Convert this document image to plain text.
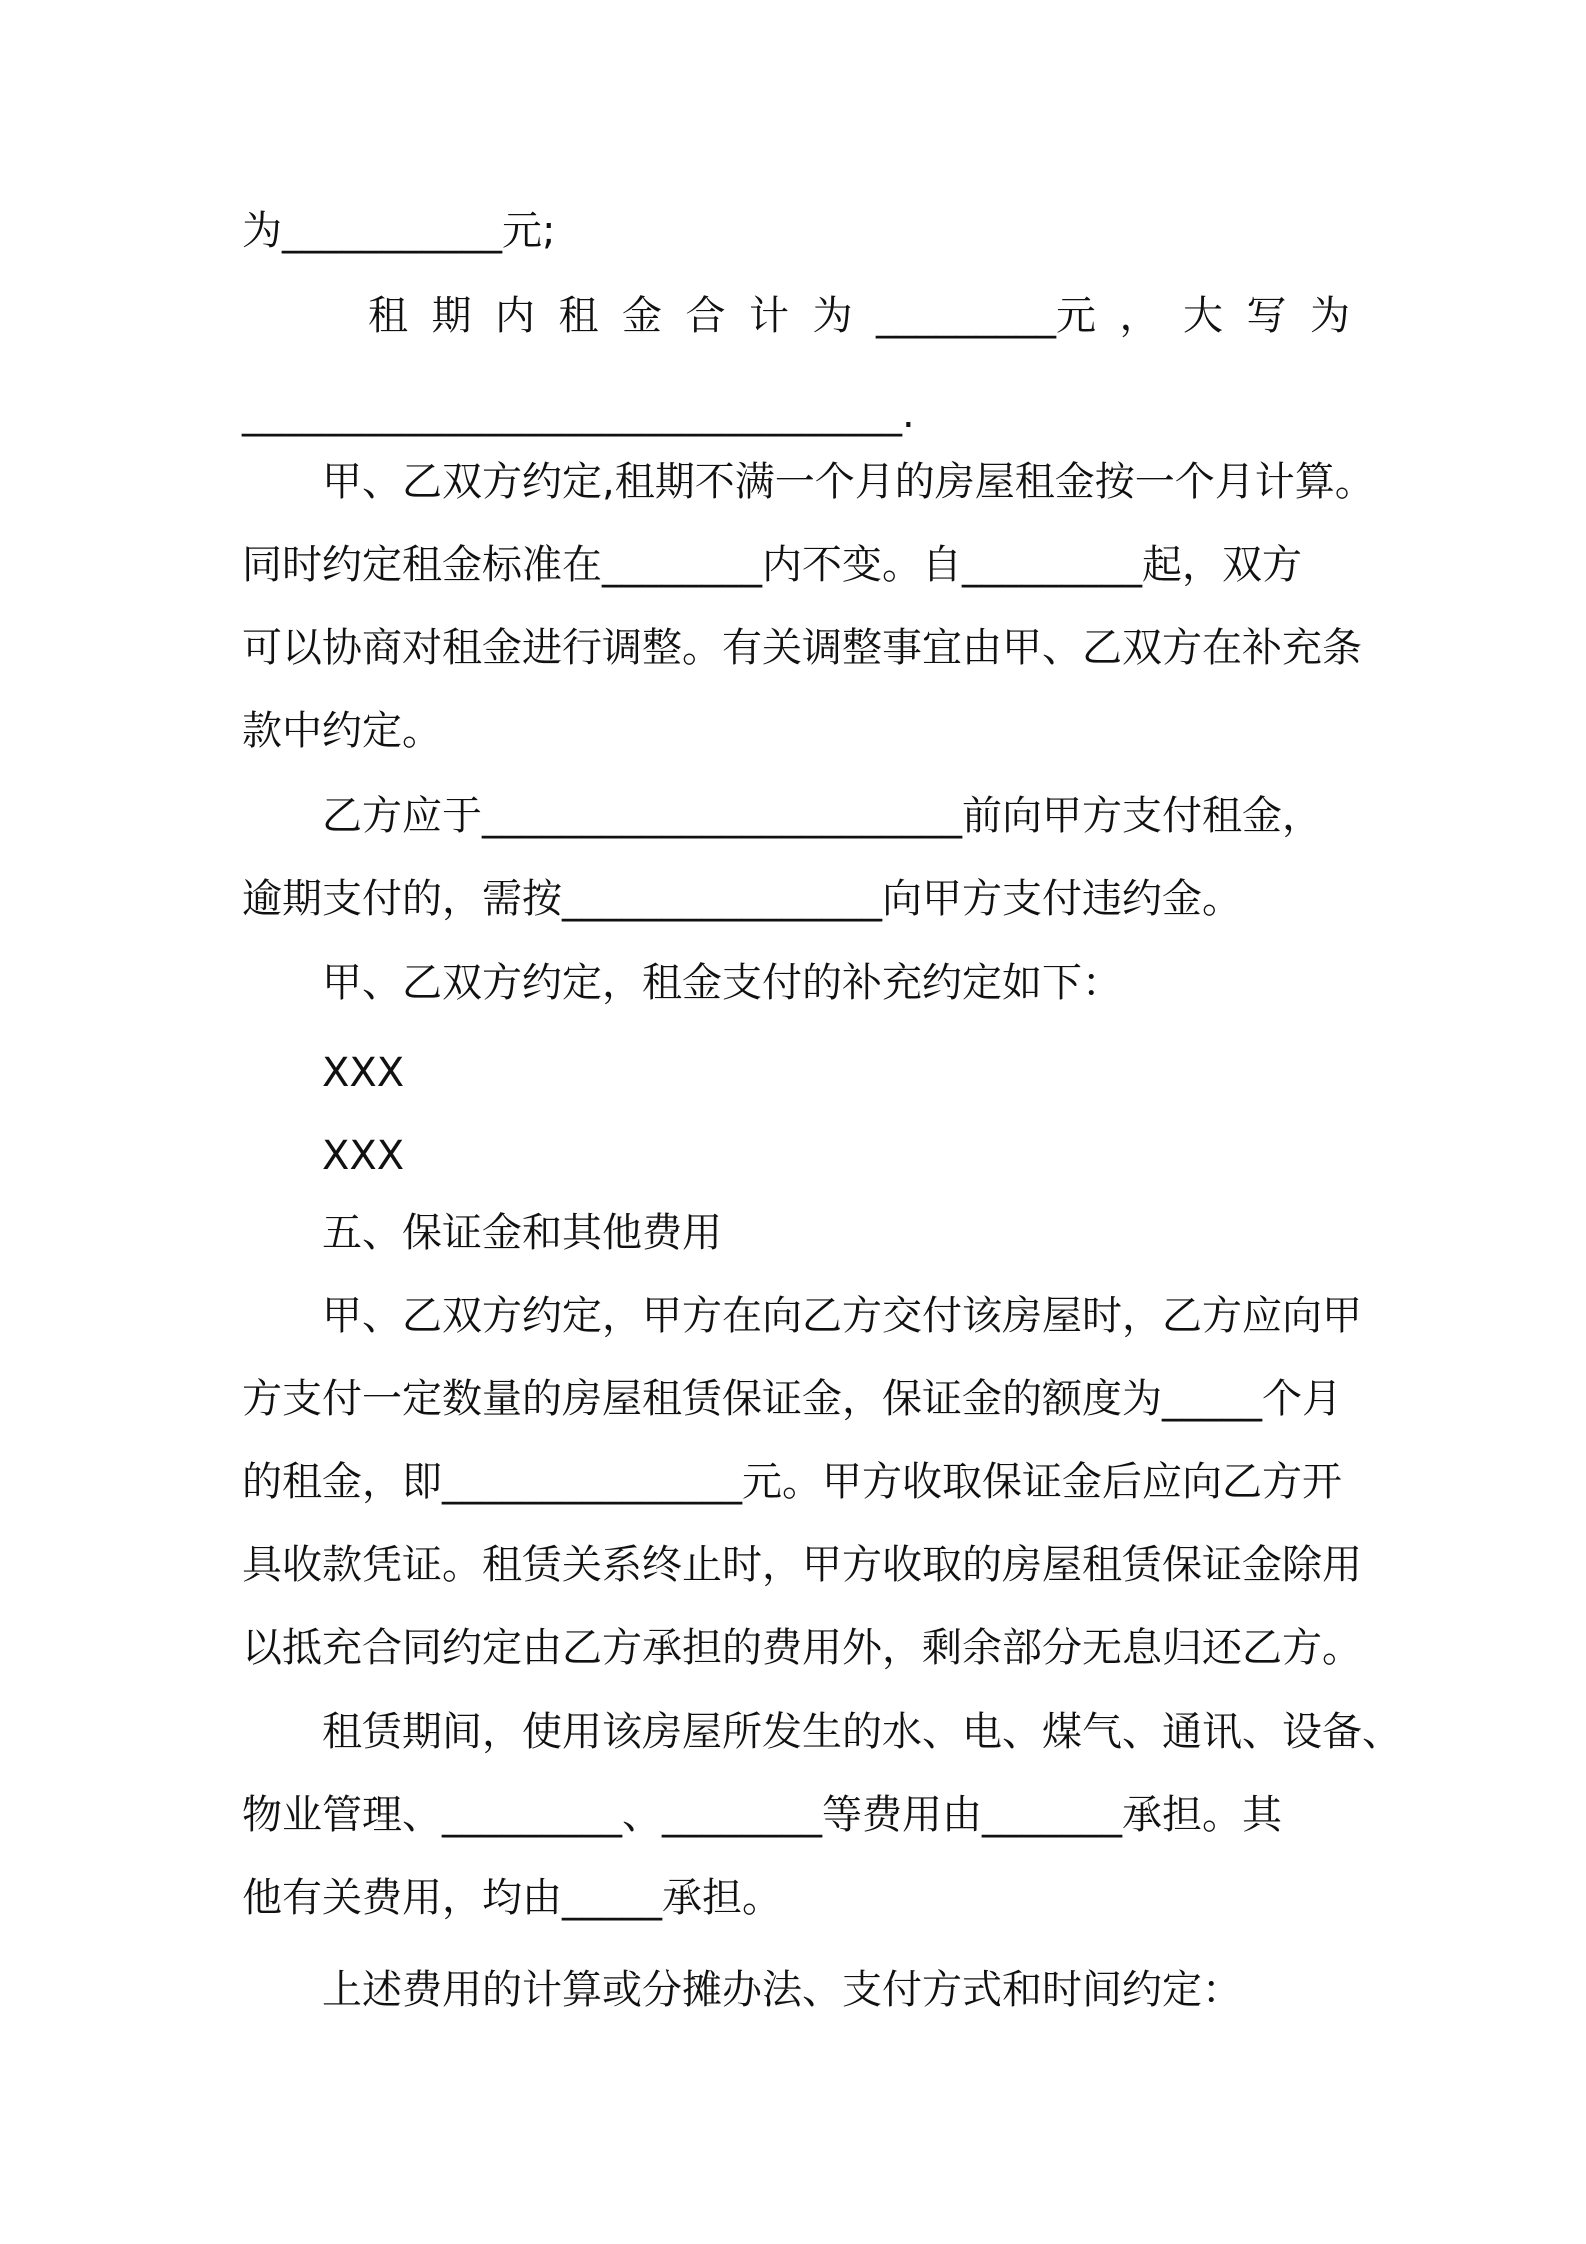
为___________元;
租 期 内 租 金 合 计 为 _________元 ， 大 写 为
_________________________________.
甲、乙双方约定,租期不满一个月的房屋租金按一个月计算。
同时约定租金标准在________内不变。自_________起，双方
可以协商对租金进行调整。有关调整事宜由甲、乙双方在补充条
款中约定。
乙方应于________________________前向甲方支付租金，
逾期支付的，需按________________向甲方支付违约金。
甲、乙双方约定，租金支付的补充约定如下：
XXX
XXX
五、保证金和其他费用
甲、乙双方约定，甲方在向乙方交付该房屋时，乙方应向甲
方支付一定数量的房屋租赁保证金，保证金的额度为_____个月
的租金，即_______________元。甲方收取保证金后应向乙方开
具收款凭证。租赁关系终止时，甲方收取的房屋租赁保证金除用
以抵充合同约定由乙方承担的费用外，剩余部分无息归还乙方。
租赁期间，使用该房屋所发生的水、电、煤气、通讯、设备、
物业管理、_________、________等费用由_______承担。其
他有关费用，均由_____承担。
上述费用的计算或分摊办法、支付方式和时间约定：
